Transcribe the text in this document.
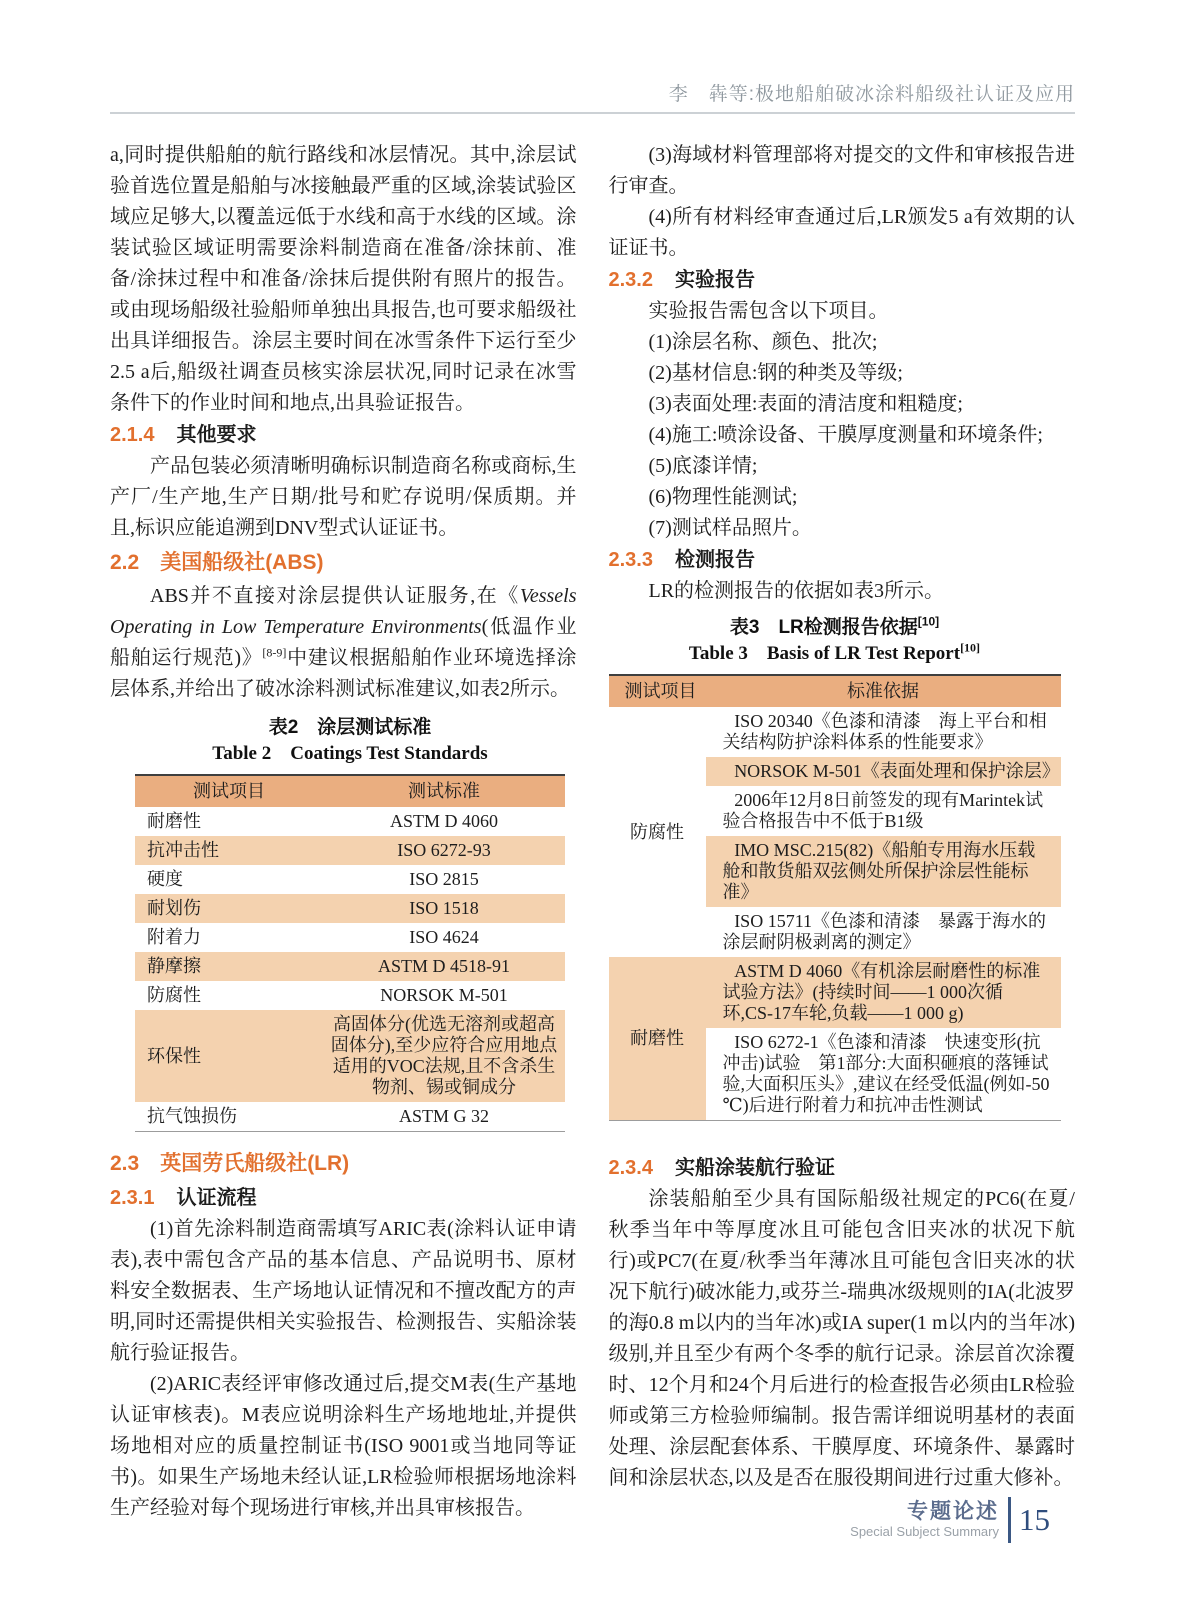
李　犇等:极地船舶破冰涂料船级社认证及应用

a,同时提供船舶的航行路线和冰层情况。其中,涂层试验首选位置是船舶与冰接触最严重的区域,涂装试验区域应足够大,以覆盖远低于水线和高于水线的区域。涂装试验区域证明需要涂料制造商在准备/涂抹前、准备/涂抹过程中和准备/涂抹后提供附有照片的报告。或由现场船级社验船师单独出具报告,也可要求船级社出具详细报告。涂层主要时间在冰雪条件下运行至少2.5 a后,船级社调查员核实涂层状况,同时记录在冰雪条件下的作业时间和地点,出具验证报告。

2.1.4 其他要求

产品包装必须清晰明确标识制造商名称或商标,生产厂/生产地,生产日期/批号和贮存说明/保质期。并且,标识应能追溯到DNV型式认证证书。

2.2　美国船级社(ABS)

ABS并不直接对涂层提供认证服务,在《Vessels Operating in Low Temperature Environments(低温作业船舶运行规范)》[8-9]中建议根据船舶作业环境选择涂层体系,并给出了破冰涂料测试标准建议,如表2所示。

表2　涂层测试标准
Table 2　Coatings Test Standards
测试项目	测试标准
耐磨性	ASTM D 4060
抗冲击性	ISO 6272-93
硬度	ISO 2815
耐划伤	ISO 1518
附着力	ISO 4624
静摩擦	ASTM D 4518-91
防腐性	NORSOK M-501
环保性	高固体分(优选无溶剂或超高固体分),至少应符合应用地点适用的VOC法规,且不含杀生物剂、锡或铜成分
抗气蚀损伤	ASTM G 32
2.3　英国劳氏船级社(LR)
2.3.1 认证流程

(1)首先涂料制造商需填写ARIC表(涂料认证申请表),表中需包含产品的基本信息、产品说明书、原材料安全数据表、生产场地认证情况和不擅改配方的声明,同时还需提供相关实验报告、检测报告、实船涂装航行验证报告。

(2)ARIC表经评审修改通过后,提交M表(生产基地认证审核表)。M表应说明涂料生产场地地址,并提供场地相对应的质量控制证书(ISO 9001或当地同等证书)。如果生产场地未经认证,LR检验师根据场地涂料生产经验对每个现场进行审核,并出具审核报告。

(3)海域材料管理部将对提交的文件和审核报告进行审查。

(4)所有材料经审查通过后,LR颁发5 a有效期的认证证书。

2.3.2 实验报告

实验报告需包含以下项目。

(1)涂层名称、颜色、批次;
(2)基材信息:钢的种类及等级;
(3)表面处理:表面的清洁度和粗糙度;
(4)施工:喷涂设备、干膜厚度测量和环境条件;
(5)底漆详情;
(6)物理性能测试;
(7)测试样品照片。
2.3.3 检测报告

LR的检测报告的依据如表3所示。

表3　LR检测报告依据[10]
Table 3　Basis of LR Test Report[10]
测试项目	标准依据
防腐性	ISO 20340《色漆和清漆　海上平台和相关结构防护涂料体系的性能要求》
	NORSOK M-501《表面处理和保护涂层》
	2006年12月8日前签发的现有Marintek试验合格报告中不低于B1级
	IMO MSC.215(82)《船舶专用海水压载舱和散货船双弦侧处所保护涂层性能标准》
	ISO 15711《色漆和清漆　暴露于海水的涂层耐阴极剥离的测定》
耐磨性	ASTM D 4060《有机涂层耐磨性的标准试验方法》(持续时间——1 000次循环,CS-17车轮,负载——1 000 g)
	ISO 6272-1《色漆和清漆　快速变形(抗冲击)试验　第1部分:大面积砸痕的落锤试验,大面积压头》,建议在经受低温(例如-50 ℃)后进行附着力和抗冲击性测试
2.3.4 实船涂装航行验证

涂装船舶至少具有国际船级社规定的PC6(在夏/秋季当年中等厚度冰且可能包含旧夹冰的状况下航行)或PC7(在夏/秋季当年薄冰且可能包含旧夹冰的状况下航行)破冰能力,或芬兰-瑞典冰级规则的IA(北波罗的海0.8 m以内的当年冰)或IA super(1 m以内的当年冰)级别,并且至少有两个冬季的航行记录。涂层首次涂覆时、12个月和24个月后进行的检查报告必须由LR检验师或第三方检验师编制。报告需详细说明基材的表面处理、涂层配套体系、干膜厚度、环境条件、暴露时间和涂层状态,以及是否在服役期间进行过重大修补。

专题论述
Special Subject Summary 15
